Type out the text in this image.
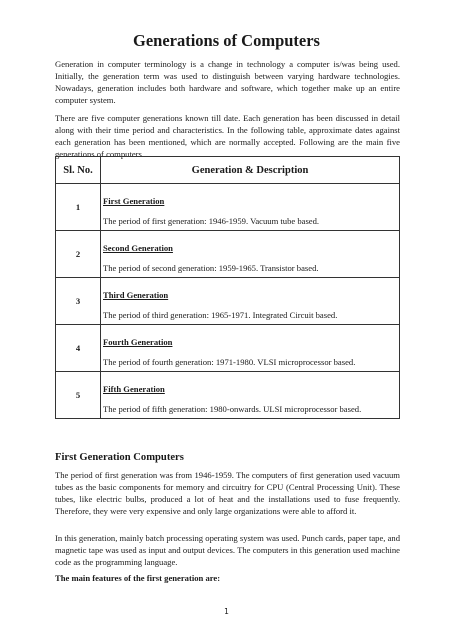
Generations of Computers

Generation in computer terminology is a change in technology a computer is/was being used. Initially, the generation term was used to distinguish between varying hardware technologies. Nowadays, generation includes both hardware and software, which together make up an entire computer system.

There are five computer generations known till date. Each generation has been discussed in detail along with their time period and characteristics. In the following table, approximate dates against each generation has been mentioned, which are normally accepted. Following are the main five generations of computers.

Sl. No.	Generation & Description
1	First Generation
The period of first generation: 1946-1959. Vacuum tube based.

2	Second Generation
The period of second generation: 1959-1965. Transistor based.

3	Third Generation
The period of third generation: 1965-1971. Integrated Circuit based.

4	Fourth Generation
The period of fourth generation: 1971-1980. VLSI microprocessor based.

5	Fifth Generation
The period of fifth generation: 1980-onwards. ULSI microprocessor based.
First Generation Computers

The period of first generation was from 1946-1959. The computers of first generation used vacuum tubes as the basic components for memory and circuitry for CPU (Central Processing Unit). These tubes, like electric bulbs, produced a lot of heat and the installations used to fuse frequently. Therefore, they were very expensive and only large organizations were able to afford it.

In this generation, mainly batch processing operating system was used. Punch cards, paper tape, and magnetic tape was used as input and output devices. The computers in this generation used machine code as the programming language.

The main features of the first generation are:

1
